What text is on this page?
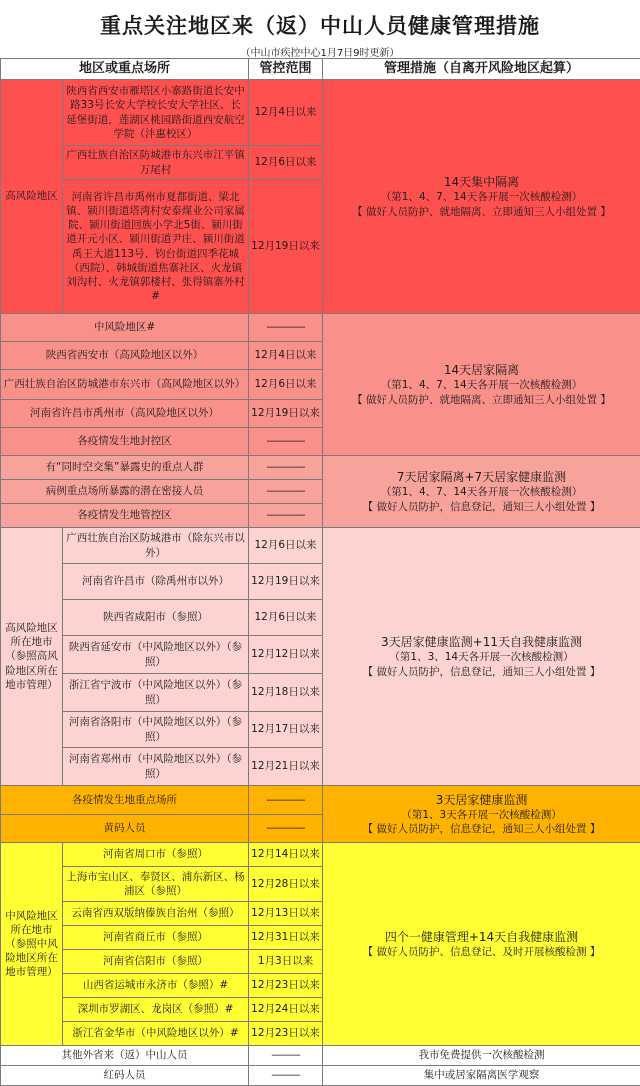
重点关注地区来（返）中山人员健康管理措施
（中山市疾控中心1月7日9时更新）
地区或重点场所		管控范围	管理措施（自离开风险地区起算）
高风险地区	陕西省西安市雁塔区小寨路街道长安中路33号长安大学校长安大学社区、长延堡街道，莲湖区桃园路街道西安航空学院（沣惠校区）	12月4日以来	14天集中隔离
（第1、4、7、14天各开展一次核酸检测）
【 做好人员防护、就地隔离、立即通知三人小组处置 】

	广西壮族自治区防城港市东兴市江平镇万尾村	12月6日以来	
	河南省许昌市禹州市夏都街道、梁北镇、颍川街道塔湾村安泰煤业公司家属院、颍川街道回族小学北5街、颍川街道开元小区、颍川街道尹庄、颍川街道禹王大道113号、钧台街道四季花城（西院）、韩城街道焦寨社区、火龙镇刘沟村、火龙镇郭楼村、张得镇寨外村#	12月19日以来	
中风险地区#		————	14天居家隔离
（第1、4、7、14天各开展一次核酸检测）
【 做好人员防护、就地隔离、立即通知三人小组处置 】

陕西省西安市（高风险地区以外）		12月4日以来	
广西壮族自治区防城港市东兴市（高风险地区以外）		12月6日以来	
河南省许昌市禹州市（高风险地区以外）		12月19日以来	
各疫情发生地封控区		————	
有“同时空交集”暴露史的重点人群		————	7天居家隔离+7天居家健康监测
（第1、4、7、14天各开展一次核酸检测）
【 做好人员防护，信息登记，通知三人小组处置 】

病例重点场所暴露的潜在密接人员		————	
各疫情发生地管控区		————	
高风险地区所在地市（参照高风险地区所在地市管理）	广西壮族自治区防城港市（除东兴市以外）	12月6日以来	3天居家健康监测+11天自我健康监测
（第1、3、14天各开展一次核酸检测）
【 做好人员防护，信息登记，通知三人小组处置 】

	河南省许昌市（除禹州市以外）	12月19日以来	
	陕西省咸阳市（参照）	12月6日以来	
	陕西省延安市（中风险地区以外）（参照）	12月12日以来	
	浙江省宁波市（中风险地区以外）（参照）	12月18日以来	
	河南省洛阳市（中风险地区以外）（参照）	12月17日以来	
	河南省郑州市（中风险地区以外）（参照）	12月21日以来	
各疫情发生地重点场所		————	3天居家健康监测
（第1、3天各开展一次核酸检测）
【 做好人员防护，信息登记，通知三人小组处置 】

黄码人员		————	
中风险地区所在地市（参照中风险地区所在地市管理）	河南省周口市（参照）	12月14日以来	四个一健康管理+14天自我健康监测
【 做好人员防护、信息登记、及时开展核酸检测 】

	上海市宝山区、奉贤区、浦东新区、杨浦区（参照）	12月28日以来	
	云南省西双版纳傣族自治州（参照）	12月13日以来	
	河南省商丘市（参照）	12月31日以来	
	河南省信阳市（参照）	1月3日以来	
	山西省运城市永济市（参照）#	12月23日以来	
	深圳市罗湖区、龙岗区（参照）#	12月24日以来	
	浙江省金华市（中风险地区以外）#	12月23日以来	
其他外省来（返）中山人员		———	我市免费提供一次核酸检测
红码人员		———	集中或居家隔离医学观察
